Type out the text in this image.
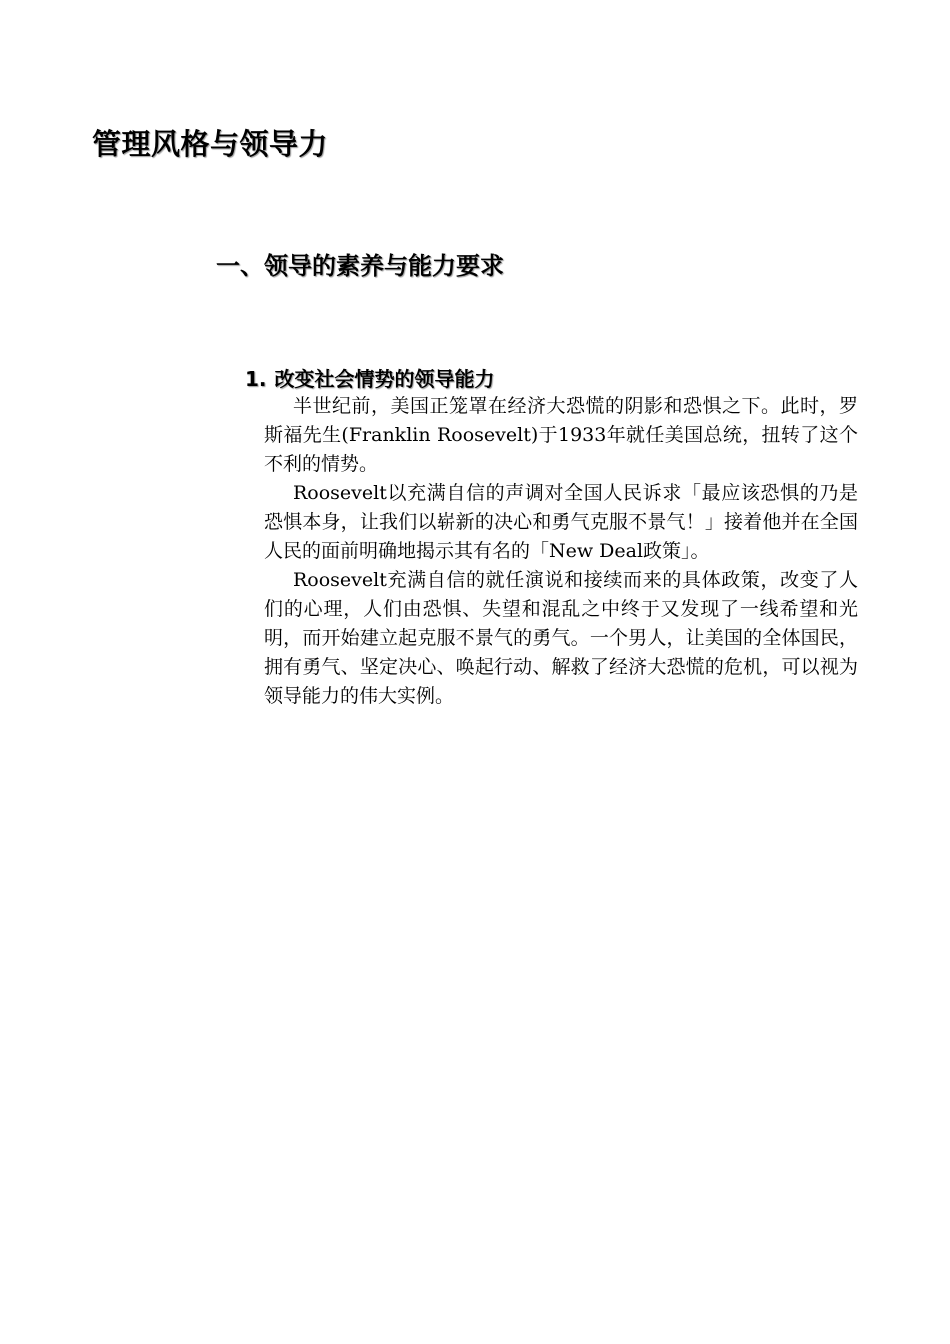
管理风格与领导力
一、领导的素养与能力要求
1. 改变社会情势的领导能力

半世纪前，美国正笼罩在经济大恐慌的阴影和恐惧之下。此时，罗斯福先生(Franklin Roosevelt)于1933年就任美国总统，扭转了这个不利的情势。

Roosevelt以充满自信的声调对全国人民诉求「最应该恐惧的乃是恐惧本身，让我们以崭新的决心和勇气克服不景气！」接着他并在全国人民的面前明确地揭示其有名的「New Deal政策」。

Roosevelt充满自信的就任演说和接续而来的具体政策，改变了人们的心理，人们由恐惧、失望和混乱之中终于又发现了一线希望和光明，而开始建立起克服不景气的勇气。一个男人，让美国的全体国民，拥有勇气、坚定决心、唤起行动、解救了经济大恐慌的危机，可以视为领导能力的伟大实例。
